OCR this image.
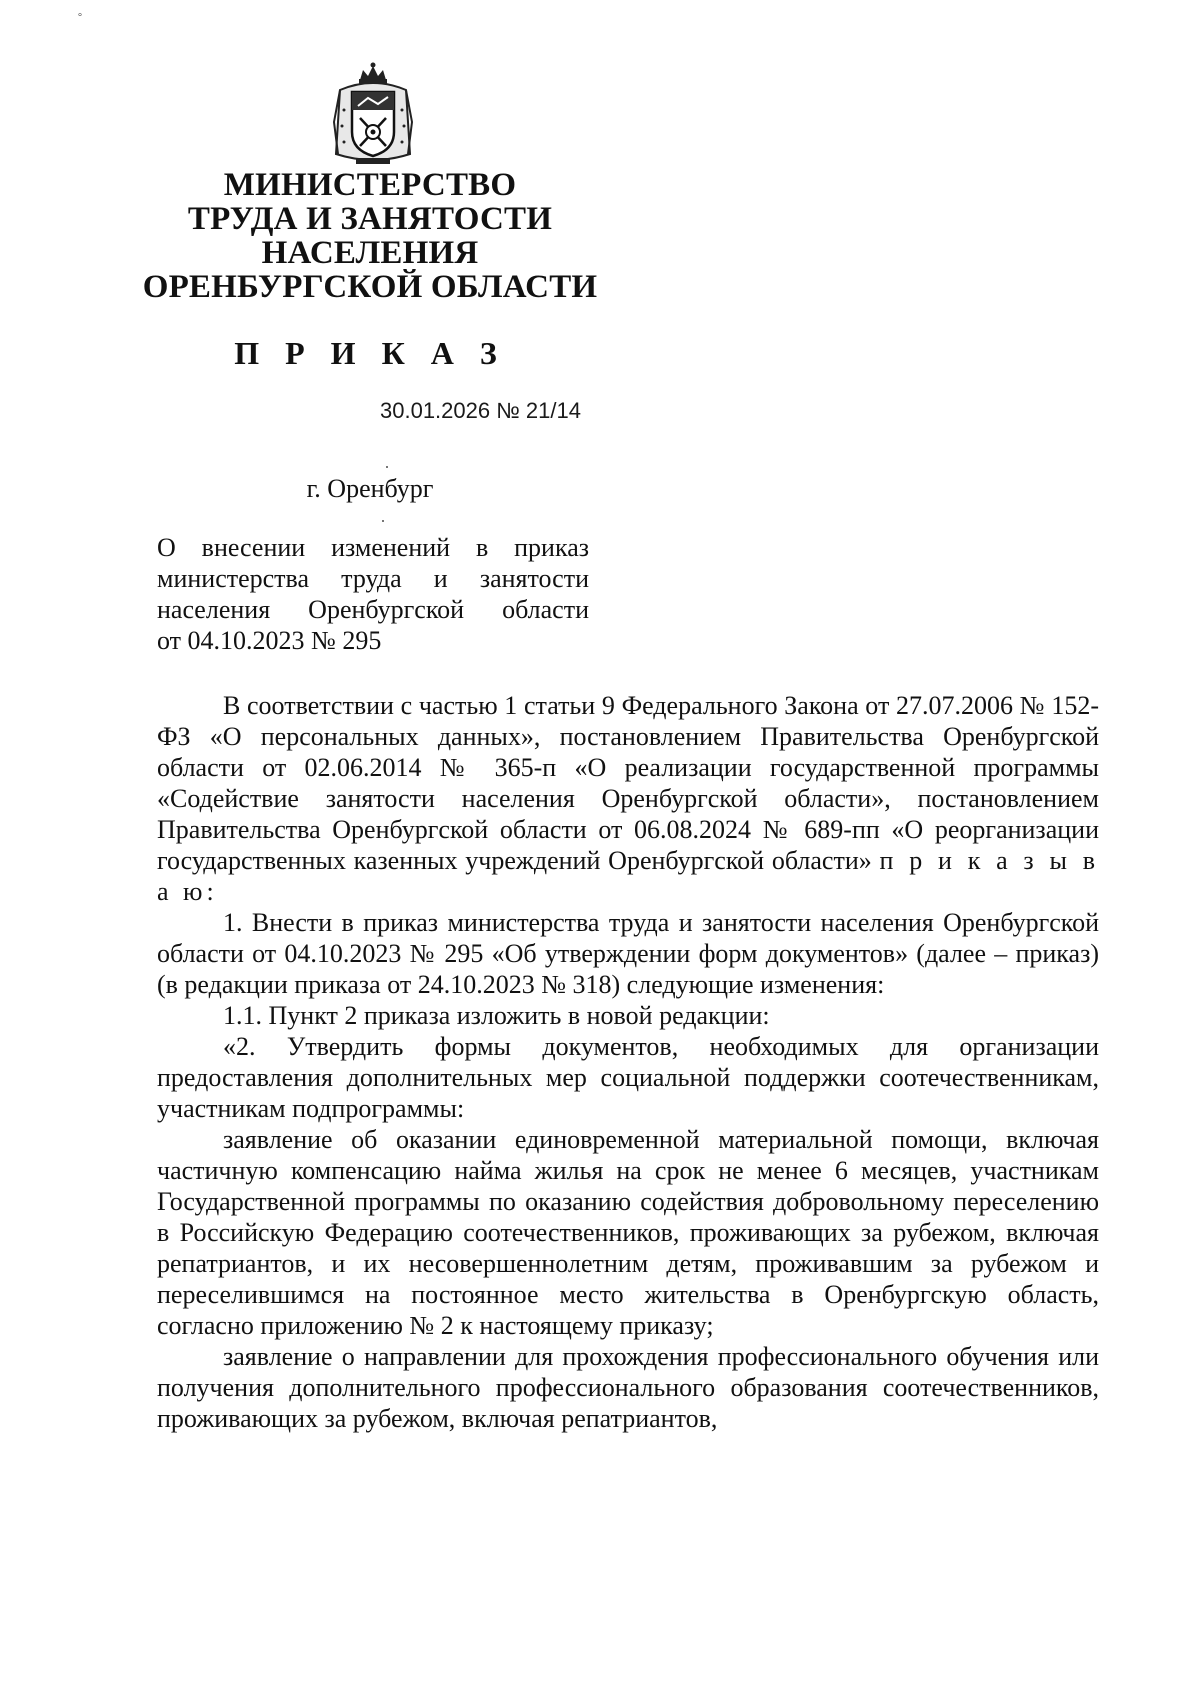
°
МИНИСТЕРСТВО
ТРУДА И ЗАНЯТОСТИ
НАСЕЛЕНИЯ
ОРЕНБУРГСКОЙ ОБЛАСТИ
П Р И К А З
30.01.2026 № 21/14
г. Оренбург
О внесении изменений в приказ
министерства труда и занятости
населения Оренбургской области
от 04.10.2023 № 295

В соответствии с частью 1 статьи 9 Федерального Закона от 27.07.2006 № 152-ФЗ «О персональных данных», постановлением Правительства Оренбургской области от 02.06.2014 № 365-п «О реализации государственной программы «Содействие занятости населения Оренбургской области», постановлением Правительства Оренбургской области от 06.08.2024 № 689-пп «О реорганизации государственных казенных учреждений Оренбургской области» п р и к а з ы в а ю:

1. Внести в приказ министерства труда и занятости населения Оренбургской области от 04.10.2023 № 295 «Об утверждении форм документов» (далее – приказ) (в редакции приказа от 24.10.2023 № 318) следующие изменения:

1.1. Пункт 2 приказа изложить в новой редакции:

«2. Утвердить формы документов, необходимых для организации предоставления дополнительных мер социальной поддержки соотечественникам, участникам подпрограммы:

заявление об оказании единовременной материальной помощи, включая частичную компенсацию найма жилья на срок не менее 6 месяцев, участникам Государственной программы по оказанию содействия добровольному переселению в Российскую Федерацию соотечественников, проживающих за рубежом, включая репатриантов, и их несовершеннолетним детям, проживавшим за рубежом и переселившимся на постоянное место жительства в Оренбургскую область, согласно приложению № 2 к настоящему приказу;

заявление о направлении для прохождения профессионального обучения или получения дополнительного профессионального образования соотечественников, проживающих за рубежом, включая репатриантов,
